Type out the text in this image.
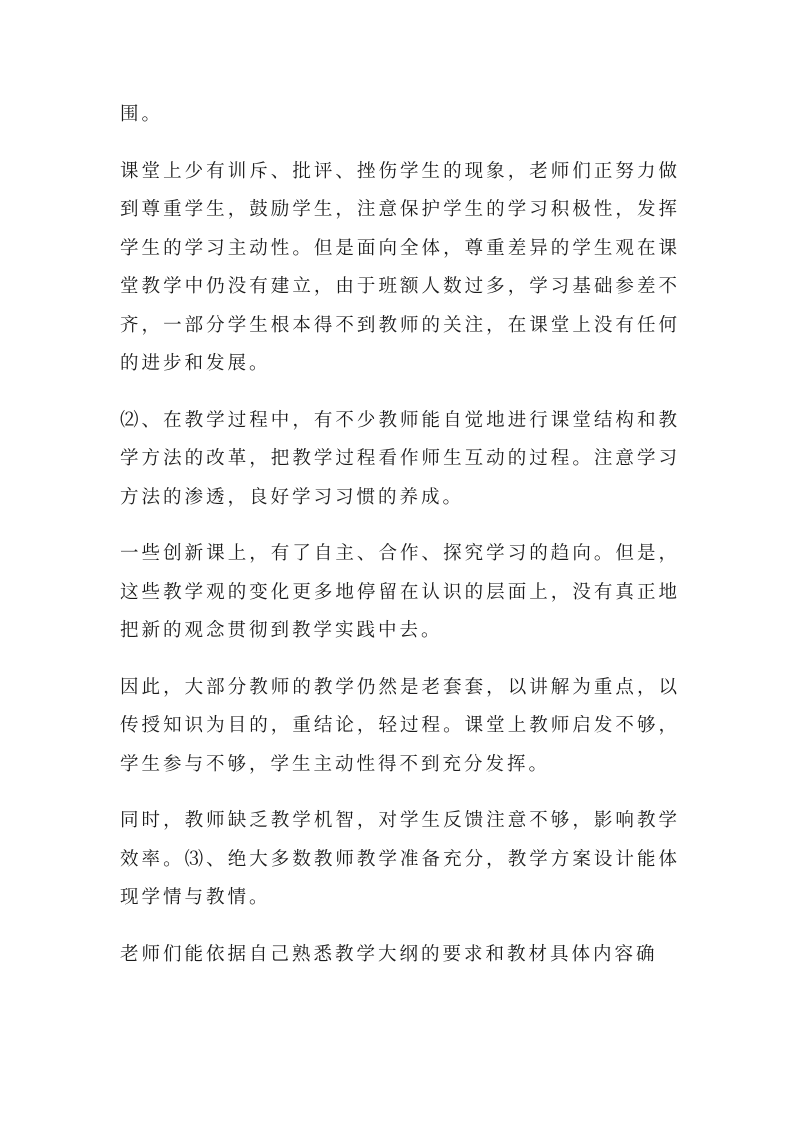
围。

课堂上少有训斥、批评、挫伤学生的现象，老师们正努力做到尊重学生，鼓励学生，注意保护学生的学习积极性，发挥学生的学习主动性。但是面向全体，尊重差异的学生观在课堂教学中仍没有建立，由于班额人数过多，学习基础参差不齐，一部分学生根本得不到教师的关注，在课堂上没有任何的进步和发展。

⑵、在教学过程中，有不少教师能自觉地进行课堂结构和教学方法的改革，把教学过程看作师生互动的过程。注意学习方法的渗透，良好学习习惯的养成。

一些创新课上，有了自主、合作、探究学习的趋向。但是，这些教学观的变化更多地停留在认识的层面上，没有真正地把新的观念贯彻到教学实践中去。

因此，大部分教师的教学仍然是老套套，以讲解为重点，以传授知识为目的，重结论，轻过程。课堂上教师启发不够，学生参与不够，学生主动性得不到充分发挥。

同时，教师缺乏教学机智，对学生反馈注意不够，影响教学效率。⑶、绝大多数教师教学准备充分，教学方案设计能体现学情与教情。

老师们能依据自己熟悉教学大纲的要求和教材具体内容确
